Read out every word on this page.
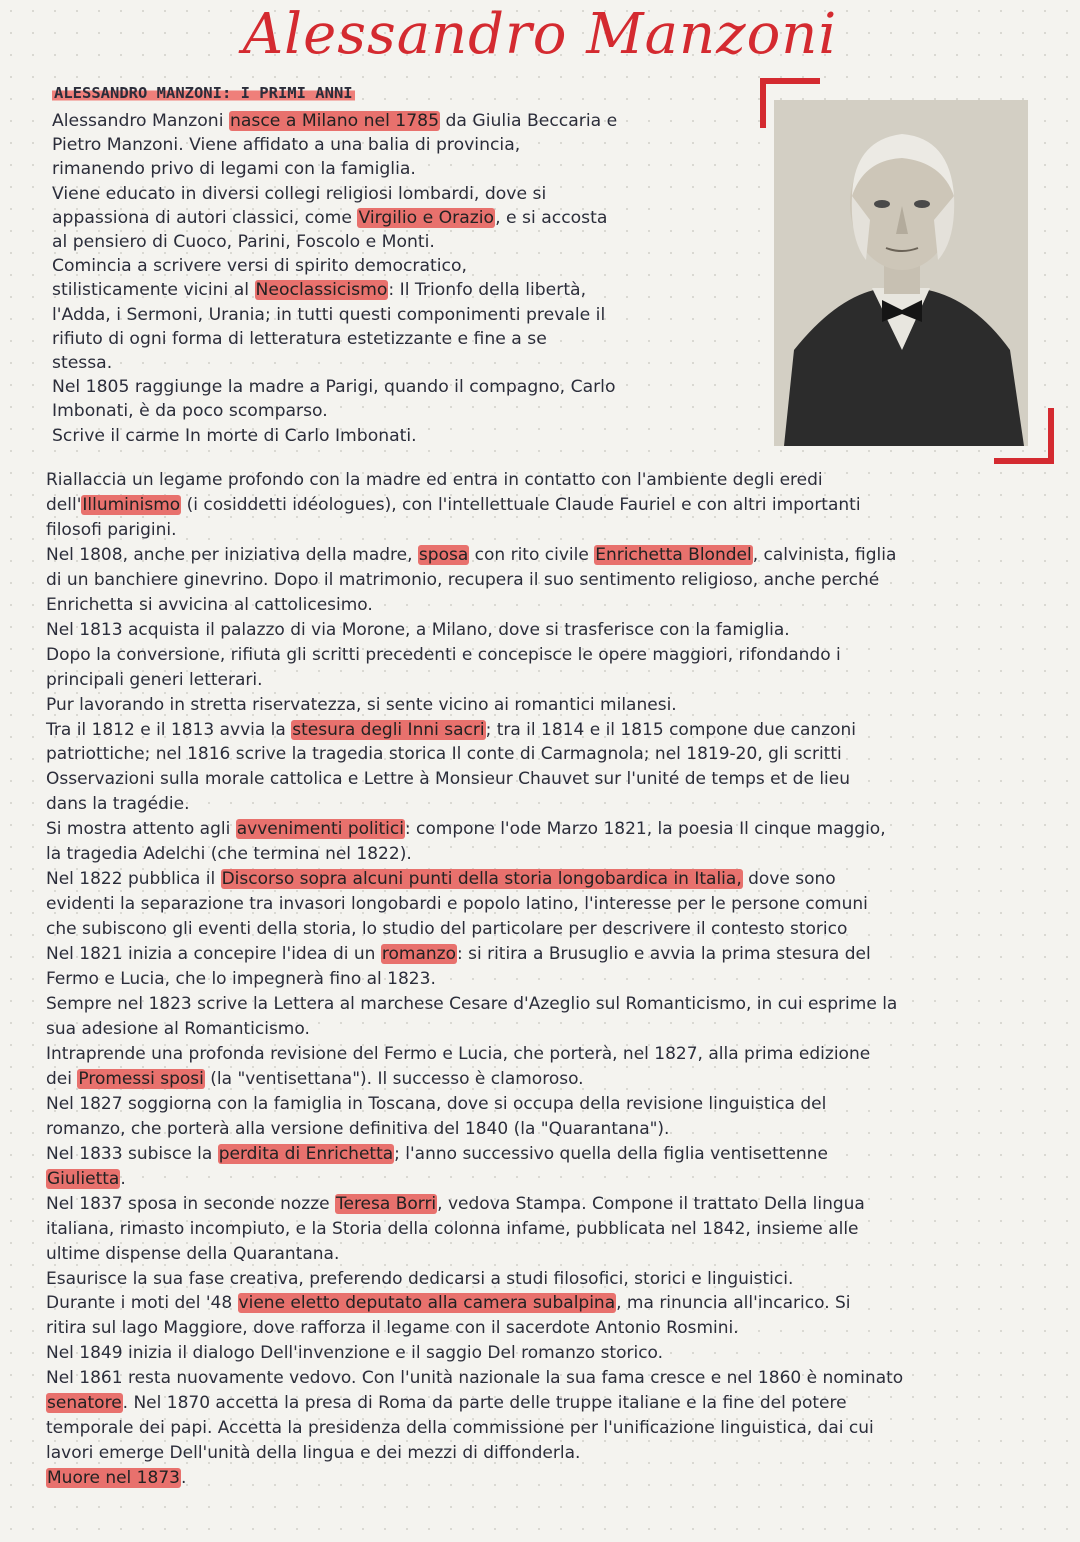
Alessandro Manzoni
ALESSANDRO MANZONI: I PRIMI ANNI

Alessandro Manzoni nasce a Milano nel 1785 da Giulia Beccaria e

Pietro Manzoni. Viene affidato a una balia di provincia,

rimanendo privo di legami con la famiglia.

Viene educato in diversi collegi religiosi lombardi, dove si

appassiona di autori classici, come Virgilio e Orazio, e si accosta

al pensiero di Cuoco, Parini, Foscolo e Monti.

Comincia a scrivere versi di spirito democratico,

stilisticamente vicini al Neoclassicismo: Il Trionfo della libertà,

l'Adda, i Sermoni, Urania; in tutti questi componimenti prevale il

rifiuto di ogni forma di letteratura estetizzante e fine a se

stessa.

Nel 1805 raggiunge la madre a Parigi, quando il compagno, Carlo

Imbonati, è da poco scomparso.

Scrive il carme In morte di Carlo Imbonati.

Riallaccia un legame profondo con la madre ed entra in contatto con l'ambiente degli eredi

dell'Illuminismo (i cosiddetti idéologues), con l'intellettuale Claude Fauriel e con altri importanti

filosofi parigini.

Nel 1808, anche per iniziativa della madre, sposa con rito civile Enrichetta Blondel, calvinista, figlia

di un banchiere ginevrino. Dopo il matrimonio, recupera il suo sentimento religioso, anche perché

Enrichetta si avvicina al cattolicesimo.

Nel 1813 acquista il palazzo di via Morone, a Milano, dove si trasferisce con la famiglia.

Dopo la conversione, rifiuta gli scritti precedenti e concepisce le opere maggiori, rifondando i

principali generi letterari.

Pur lavorando in stretta riservatezza, si sente vicino ai romantici milanesi.

Tra il 1812 e il 1813 avvia la stesura degli Inni sacri; tra il 1814 e il 1815 compone due canzoni

patriottiche; nel 1816 scrive la tragedia storica Il conte di Carmagnola; nel 1819-20, gli scritti

Osservazioni sulla morale cattolica e Lettre à Monsieur Chauvet sur l'unité de temps et de lieu

dans la tragédie.

Si mostra attento agli avvenimenti politici: compone l'ode Marzo 1821, la poesia Il cinque maggio,

la tragedia Adelchi (che termina nel 1822).

Nel 1822 pubblica il Discorso sopra alcuni punti della storia longobardica in Italia, dove sono

evidenti la separazione tra invasori longobardi e popolo latino, l'interesse per le persone comuni

che subiscono gli eventi della storia, lo studio del particolare per descrivere il contesto storico

Nel 1821 inizia a concepire l'idea di un romanzo: si ritira a Brusuglio e avvia la prima stesura del

Fermo e Lucia, che lo impegnerà fino al 1823.

Sempre nel 1823 scrive la Lettera al marchese Cesare d'Azeglio sul Romanticismo, in cui esprime la

sua adesione al Romanticismo.

Intraprende una profonda revisione del Fermo e Lucia, che porterà, nel 1827, alla prima edizione

dei Promessi sposi (la "ventisettana"). Il successo è clamoroso.

Nel 1827 soggiorna con la famiglia in Toscana, dove si occupa della revisione linguistica del

romanzo, che porterà alla versione definitiva del 1840 (la "Quarantana").

Nel 1833 subisce la perdita di Enrichetta; l'anno successivo quella della figlia ventisettenne

Giulietta.

Nel 1837 sposa in seconde nozze Teresa Borri, vedova Stampa. Compone il trattato Della lingua

italiana, rimasto incompiuto, e la Storia della colonna infame, pubblicata nel 1842, insieme alle

ultime dispense della Quarantana.

Esaurisce la sua fase creativa, preferendo dedicarsi a studi filosofici, storici e linguistici.

Durante i moti del '48 viene eletto deputato alla camera subalpina, ma rinuncia all'incarico. Si

ritira sul lago Maggiore, dove rafforza il legame con il sacerdote Antonio Rosmini.

Nel 1849 inizia il dialogo Dell'invenzione e il saggio Del romanzo storico.

Nel 1861 resta nuovamente vedovo. Con l'unità nazionale la sua fama cresce e nel 1860 è nominato

senatore. Nel 1870 accetta la presa di Roma da parte delle truppe italiane e la fine del potere

temporale dei papi. Accetta la presidenza della commissione per l'unificazione linguistica, dai cui

lavori emerge Dell'unità della lingua e dei mezzi di diffonderla.

Muore nel 1873.
